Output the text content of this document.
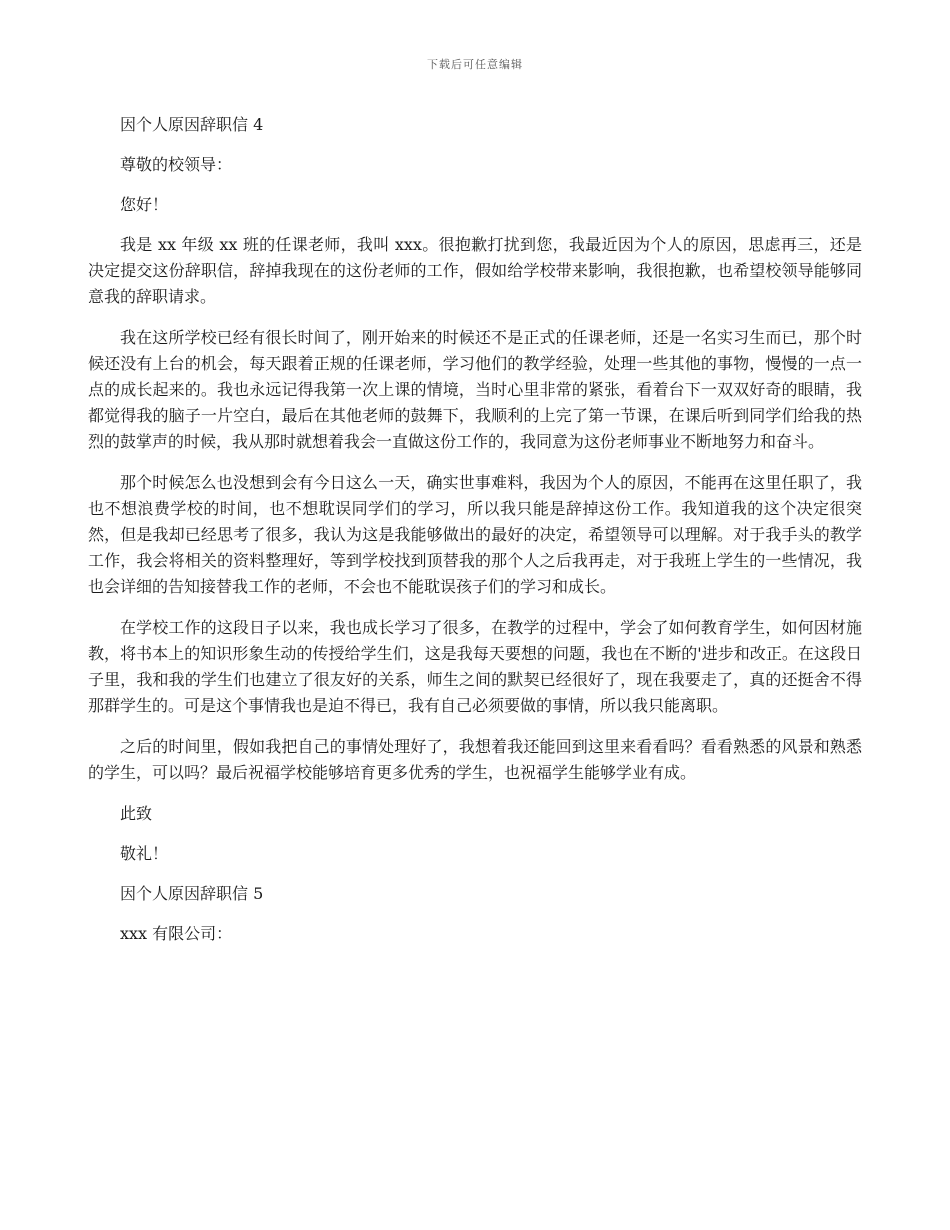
下载后可任意编辑

因个人原因辞职信 4

尊敬的校领导：

您好！

我是 xx 年级 xx 班的任课老师，我叫 xxx。很抱歉打扰到您，我最近因为个人的原因，思虑再三，还是决定提交这份辞职信，辞掉我现在的这份老师的工作，假如给学校带来影响，我很抱歉，也希望校领导能够同意我的辞职请求。

我在这所学校已经有很长时间了，刚开始来的时候还不是正式的任课老师，还是一名实习生而已，那个时候还没有上台的机会，每天跟着正规的任课老师，学习他们的教学经验，处理一些其他的事物，慢慢的一点一点的成长起来的。我也永远记得我第一次上课的情境，当时心里非常的紧张，看着台下一双双好奇的眼睛，我都觉得我的脑子一片空白，最后在其他老师的鼓舞下，我顺利的上完了第一节课，在课后听到同学们给我的热烈的鼓掌声的时候，我从那时就想着我会一直做这份工作的，我同意为这份老师事业不断地努力和奋斗。

那个时候怎么也没想到会有今日这么一天，确实世事难料，我因为个人的原因，不能再在这里任职了，我也不想浪费学校的时间，也不想耽误同学们的学习，所以我只能是辞掉这份工作。我知道我的这个决定很突然，但是我却已经思考了很多，我认为这是我能够做出的最好的决定，希望领导可以理解。对于我手头的教学工作，我会将相关的资料整理好，等到学校找到顶替我的那个人之后我再走，对于我班上学生的一些情况，我也会详细的告知接替我工作的老师，不会也不能耽误孩子们的学习和成长。

在学校工作的这段日子以来，我也成长学习了很多，在教学的过程中，学会了如何教育学生，如何因材施教，将书本上的知识形象生动的传授给学生们，这是我每天要想的问题，我也在不断的'进步和改正。在这段日子里，我和我的学生们也建立了很友好的关系，师生之间的默契已经很好了，现在我要走了，真的还挺舍不得那群学生的。可是这个事情我也是迫不得已，我有自己必须要做的事情，所以我只能离职。

之后的时间里，假如我把自己的事情处理好了，我想着我还能回到这里来看看吗？看看熟悉的风景和熟悉的学生，可以吗？最后祝福学校能够培育更多优秀的学生，也祝福学生能够学业有成。

此致

敬礼！

因个人原因辞职信 5

xxx 有限公司：
